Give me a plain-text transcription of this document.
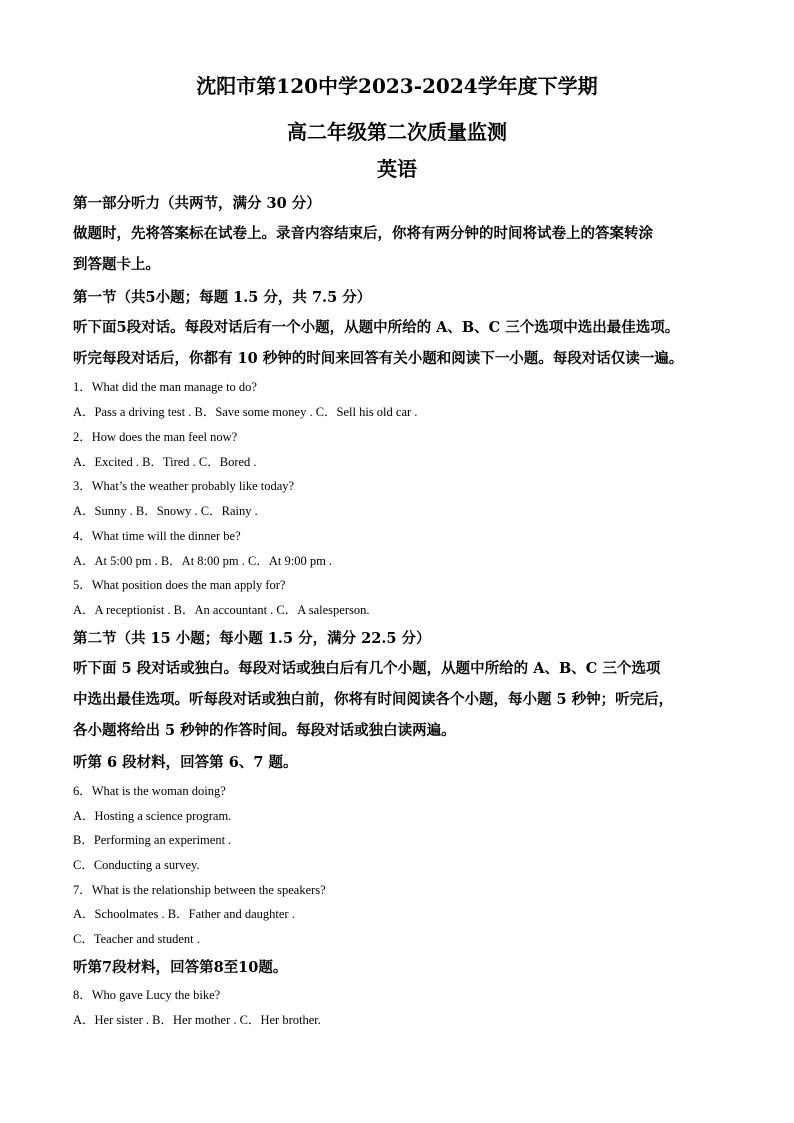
沈阳市第120中学2023-2024学年度下学期
高二年级第二次质量监测
英语
第一部分听力（共两节，满分 30 分）
做题时，先将答案标在试卷上。录音内容结束后，你将有两分钟的时间将试卷上的答案转涂
到答题卡上。
第一节（共5小题；每题 1.5 分，共 7.5 分）
听下面5段对话。每段对话后有一个小题，从题中所给的 A、B、C 三个选项中选出最佳选项。
听完每段对话后，你都有 10 秒钟的时间来回答有关小题和阅读下一小题。每段对话仅读一遍。
1．What did the man manage to do?
A．Pass a driving test . B．Save some money . C．Sell his old car .
2．How does the man feel now?
A．Excited . B．Tired . C．Bored .
3．What’s the weather probably like today?
A．Sunny . B．Snowy . C．Rainy .
4．What time will the dinner be?
A．At 5:00 pm . B．At 8:00 pm . C．At 9:00 pm .
5．What position does the man apply for?
A．A receptionist . B．An accountant . C．A salesperson.
第二节（共 15 小题；每小题 1.5 分，满分 22.5 分）
听下面 5 段对话或独白。每段对话或独白后有几个小题，从题中所给的 A、B、C 三个选项
中选出最佳选项。听每段对话或独白前，你将有时间阅读各个小题，每小题 5 秒钟；听完后，
各小题将给出 5 秒钟的作答时间。每段对话或独白读两遍。
听第 6 段材料，回答第 6、7 题。
6．What is the woman doing?
A．Hosting a science program.
B．Performing an experiment .
C．Conducting a survey.
7．What is the relationship between the speakers?
A．Schoolmates . B．Father and daughter .
C．Teacher and student .
听第7段材料，回答第8至10题。
8．Who gave Lucy the bike?
A．Her sister . B．Her mother . C．Her brother.
